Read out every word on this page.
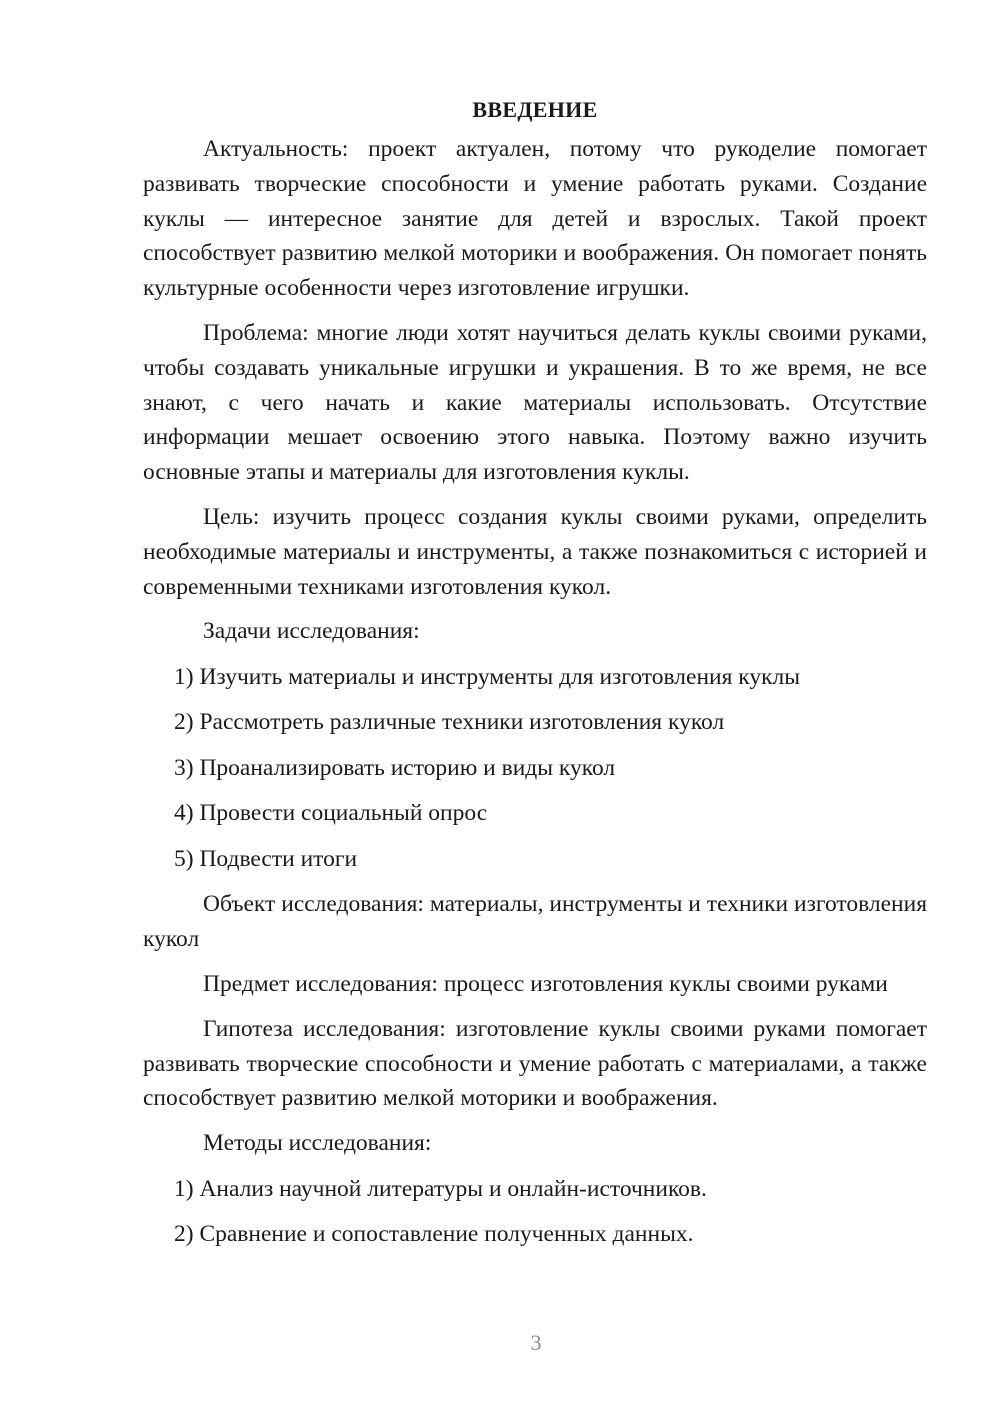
ВВЕДЕНИЕ

Актуальность: проект актуален, потому что рукоделие помогает развивать творческие способности и умение работать руками. Создание куклы — интересное занятие для детей и взрослых. Такой проект способствует развитию мелкой моторики и воображения. Он помогает понять культурные особенности через изготовление игрушки.

Проблема: многие люди хотят научиться делать куклы своими руками, чтобы создавать уникальные игрушки и украшения. В то же время, не все знают, с чего начать и какие материалы использовать. Отсутствие информации мешает освоению этого навыка. Поэтому важно изучить основные этапы и материалы для изготовления куклы.

Цель: изучить процесс создания куклы своими руками, определить необходимые материалы и инструменты, а также познакомиться с историей и современными техниками изготовления кукол.

Задачи исследования:
1) Изучить материалы и инструменты для изготовления куклы
2) Рассмотреть различные техники изготовления кукол
3) Проанализировать историю и виды кукол
4) Провести социальный опрос
5) Подвести итоги

Объект исследования: материалы, инструменты и техники изготовления кукол

Предмет исследования: процесс изготовления куклы своими руками

Гипотеза исследования: изготовление куклы своими руками помогает развивать творческие способности и умение работать с материалами, а также способствует развитию мелкой моторики и воображения.

Методы исследования:
1) Анализ научной литературы и онлайн-источников.
2) Сравнение и сопоставление полученных данных.
3
